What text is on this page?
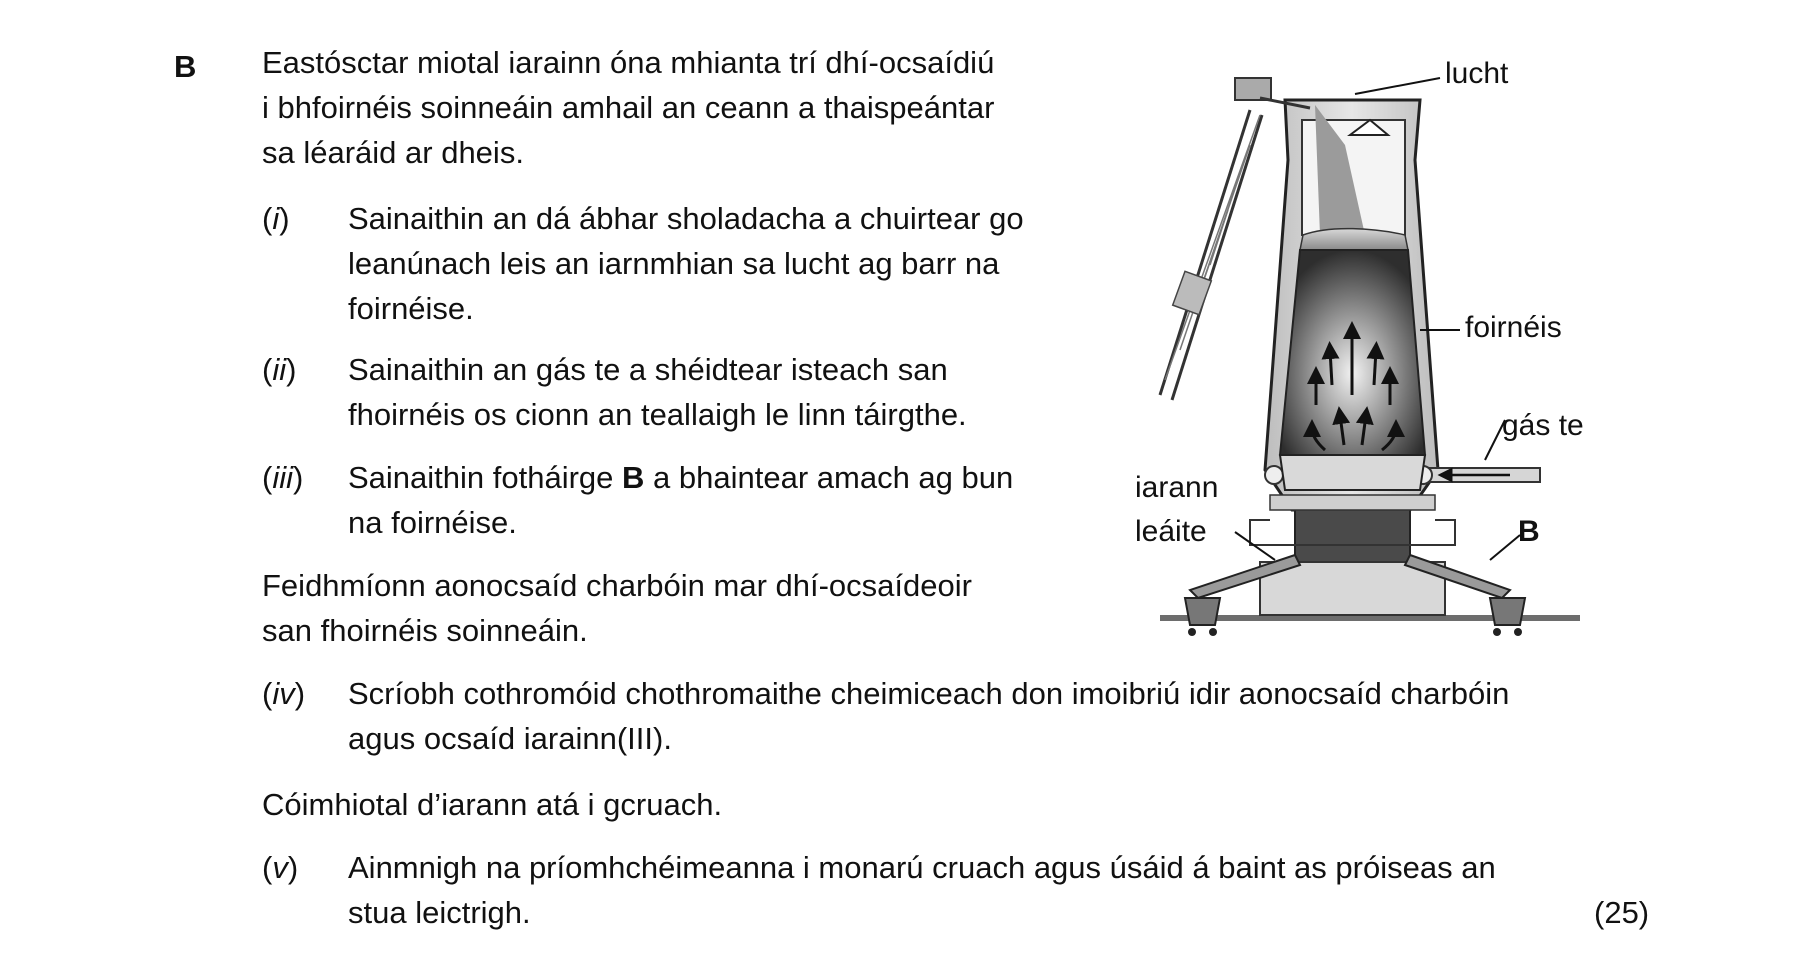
B Eastósctar miotal iarainn óna mhianta trí dhí-ocsaídiú
i bhfoirnéis soinneáin amhail an ceann a thaispeántar
sa léaráid ar dheis.
(i) Sainaithin an dá ábhar sholadacha a chuirtear go
leanúnach leis an iarnmhian sa lucht ag barr na
foirnéise.
(ii) Sainaithin an gás te a shéidtear isteach san
fhoirnéis os cionn an teallaigh le linn táirgthe.
(iii) Sainaithin fotháirge B a bhaintear amach ag bun
na foirnéise.
Feidhmíonn aonocsaíd charbóin mar dhí-ocsaídeoir
san fhoirnéis soinneáin.
(iv) Scríobh cothromóid chothromaithe cheimiceach don imoibriú idir aonocsaíd charbóin
agus ocsaíd iarainn(III).
Cóimhiotal d’iarann atá i gcruach.
(v) Ainmnigh na príomhchéimeanna i monarú cruach agus úsáid á baint as próiseas an
stua leictrigh.	(25)
lucht
foirnéis
gás te
iarann
leáite	B
